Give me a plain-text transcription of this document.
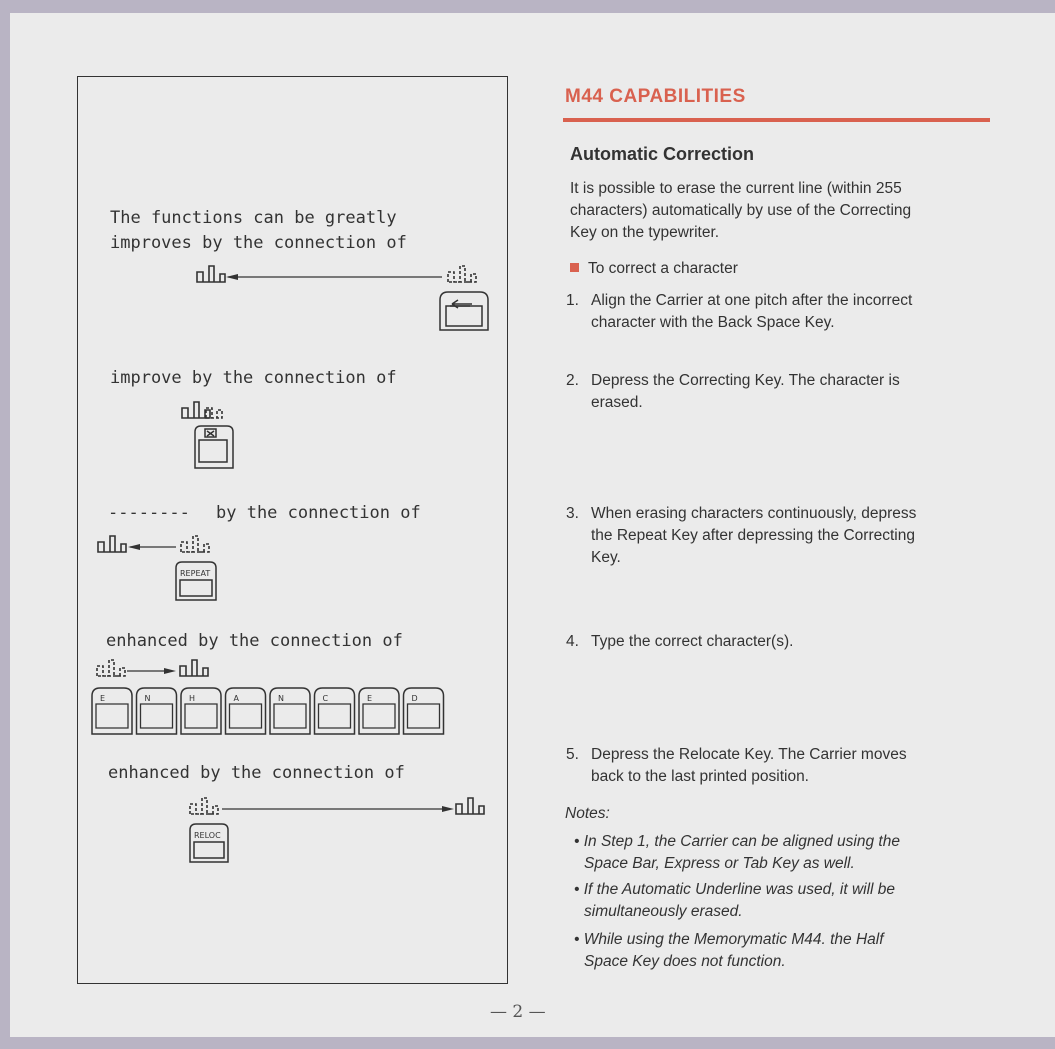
The functions can be greatly
improves by the connection of
improve by the connection of
-------- by the connection of
REPEAT
enhanced by the connection of
E	N	H	A	N	C	E	D
enhanced by the connection of
RELOC
M44 CAPABILITIES
Automatic Correction
It is possible to erase the current line (within 255
characters) automatically by use of the Correcting
Key on the typewriter.
To correct a character
1. Align the Carrier at one pitch after the incorrect
character with the Back Space Key.
2. Depress the Correcting Key. The character is
erased.
3. When erasing characters continuously, depress
the Repeat Key after depressing the Correcting
Key.
4. Type the correct character(s).
5. Depress the Relocate Key. The Carrier moves
back to the last printed position.
Notes:
• In Step 1, the Carrier can be aligned using the
Space Bar, Express or Tab Key as well.
• If the Automatic Underline was used, it will be
simultaneously erased.
• While using the Memorymatic M44. the Half
Space Key does not function.
— 2 —
